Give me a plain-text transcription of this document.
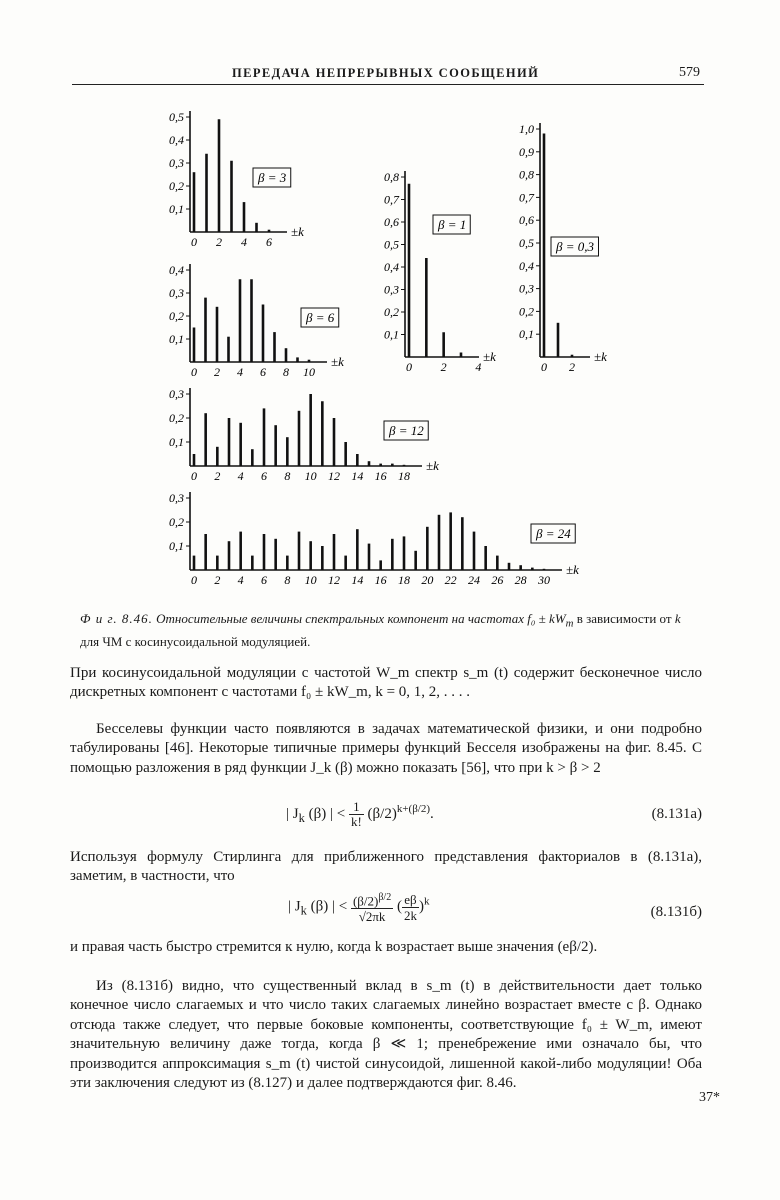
ПЕРЕДАЧА НЕПРЕРЫВНЫХ СООБЩЕНИЙ	579
0,5
0,4
0,3
0,2
0,1
0 2 4 6
±k
β = 3	0,8
0,7
0,6
0,5
0,4
0,3
0,2
0,1
0 2 4
±k
β = 1
1,0
0,9
0,8
0,7
0,6
0,5
0,4
0,3
0,2
0,1
0 2
±k
β = 0,3
0,4
0,3
0,2
0,1
0 2 4 6 8 10
±k
β = 6
0,3
0,2
0,1
0 2 4 6 8 10 12 14 16 18
±k
β = 12
0,3
0,2
0,1
0 2 4 6 8 10 12 14 16 18 20 22 24 26 28 30
±k
β = 24
Ф и г. 8.46. Относительные величины спектральных компонент на частотах $f_0 \pm kW_m$ в зависимости от k для ЧМ с косинусоидальной модуляцией.

При косинусоидальной модуляции с частотой W_m спектр s_m (t) содержит бесконечное число дискретных компонент с частотами f₀ ± kW_m, k = 0, 1, 2, . . . .

Бесселевы функции часто появляются в задачах математической физики, и они подробно табулированы [46]. Некоторые типичные примеры функций Бесселя изображены на фиг. 8.45. С помощью разложения в ряд функции J_k (β) можно показать [56], что при k > β > 2

| $J_k$ (β) | < $\frac{1}{k!} (\beta/2)^{k+(\beta/2)}$.	(8.131a)

Используя формулу Стирлинга для приближенного представления факториалов в (8.131a), заметим, в частности, что

| $J_k$ (β) | < $\frac{(\beta/2)^{\beta/2}}{√2\pi k}$ ( $\frac{e\beta}{2k} )^k$
(8.131б)

и правая часть быстро стремится к нулю, когда k возрастает выше значения (eβ/2).

Из (8.131б) видно, что существенный вклад в s_m (t) в действительности дает только конечное число слагаемых и что число таких слагаемых линейно возрастает вместе с β. Однако отсюда также следует, что первые боковые компоненты, соответствующие f₀ ± W_m, имеют значительную величину даже тогда, когда β ≪ 1; пренебрежение ими означало бы, что производится аппроксимация s_m (t) чистой синусоидой, лишенной какой-либо модуляции! Оба эти заключения следуют из (8.127) и далее подтверждаются фиг. 8.46.

37*
